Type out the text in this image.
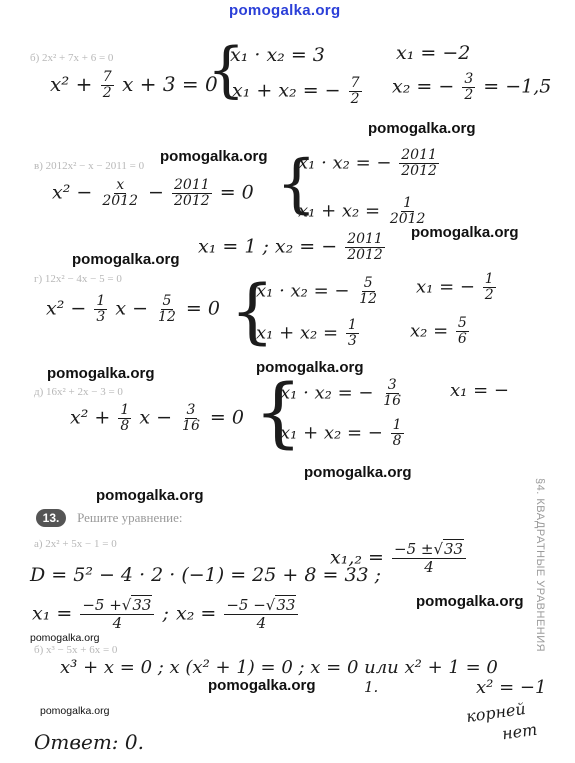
pomogalka.org
б) 2x² + 7x + 6 = 0
$x^2 + \frac{7}{2}$ x + 3 = 0
{
x₁ · x₂ = 3
x₁ + x₂ = − $\frac{7}{2}$
x₁ = −2
x₂ = − $\frac{3}{2} = -1,5$
pomogalka.org
в) 2012x² − x − 2011 = 0
pomogalka.org
$x^2 - \frac{x}{2012} - \frac{2011}{2012} = 0$ {
x₁ · x₂ = − $\frac{2011}{2012}$
$x_1 + x_2 = \frac{1}{2012}$
pomogalka.org
x₁ = 1 ; x₂ = − $\frac{2011}{2012}$
pomogalka.org
г) 12x² − 4x − 5 = 0
$x^2 - \frac{1}{3}$ $x - \frac{5}{12} = 0$ {
x₁ · x₂ = − $\frac{5}{12}$
$x_1 + x_2 = \frac{1}{3}$
x₁ = − $\frac{1}{2}$
$x_2 = \frac{5}{6}$
pomogalka.org	pomogalka.org
д) 16x² + 2x − 3 = 0
$x^2 + \frac{1}{8}$ $x - \frac{3}{16} = 0$ {
x₁ · x₂ = − $\frac{3}{16}$
x₁ + x₂ = − $\frac{1}{8}$
x₁ = −
pomogalka.org
pomogalka.org
13. Решите уравнение:	§4. КВАДРАТНЫЕ УРАВНЕНИЯ
а) 2x² + 5x − 1 = 0
D = 5² − 4 · 2 · (−1) = 25 + 8 = 33 ;
$x_1,_2 = \frac{-5 \pm√33}{4}$
pomogalka.org
$x_1 = \frac{-5 +√33}{4}$ ; $x_2 = \frac{-5 -√33}{4}$
pomogalka.org
б) x³ − 5x + 6x = 0
x³ + x = 0 ; x (x² + 1) = 0 ; x = 0 или x² + 1 = 0
1.
pomogalka.org	x² = −1
корней
нет
pomogalka.org
Ответ: 0.
